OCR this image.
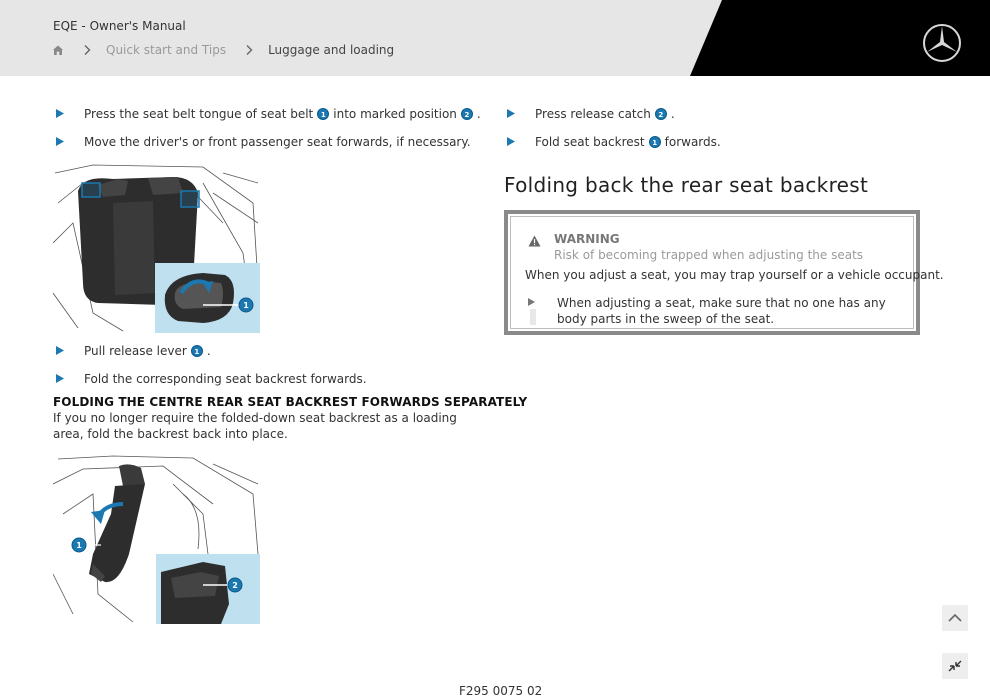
EQE - Owner's Manual
Quick start and Tips	Luggage and loading
Press the seat belt tongue of seat belt	1 into marked position	2 .
Move the driver's or front passenger seat forwards, if necessary.
1
Pull release lever	1 .
Fold the corresponding seat backrest forwards.
FOLDING THE CENTRE REAR SEAT BACKREST FORWARDS SEPARATELY
If you no longer require the folded-down seat backrest as a loading area, fold the backrest back into place.
1
2
Press release catch	2 .
Fold seat backrest	1 forwards.
Folding back the rear seat backrest
WARNING
Risk of becoming trapped when adjusting the seats
When you adjust a seat, you may trap yourself or a vehicle occupant.
When adjusting a seat, make sure that no one has any body parts in the sweep of the seat.
F295 0075 02
